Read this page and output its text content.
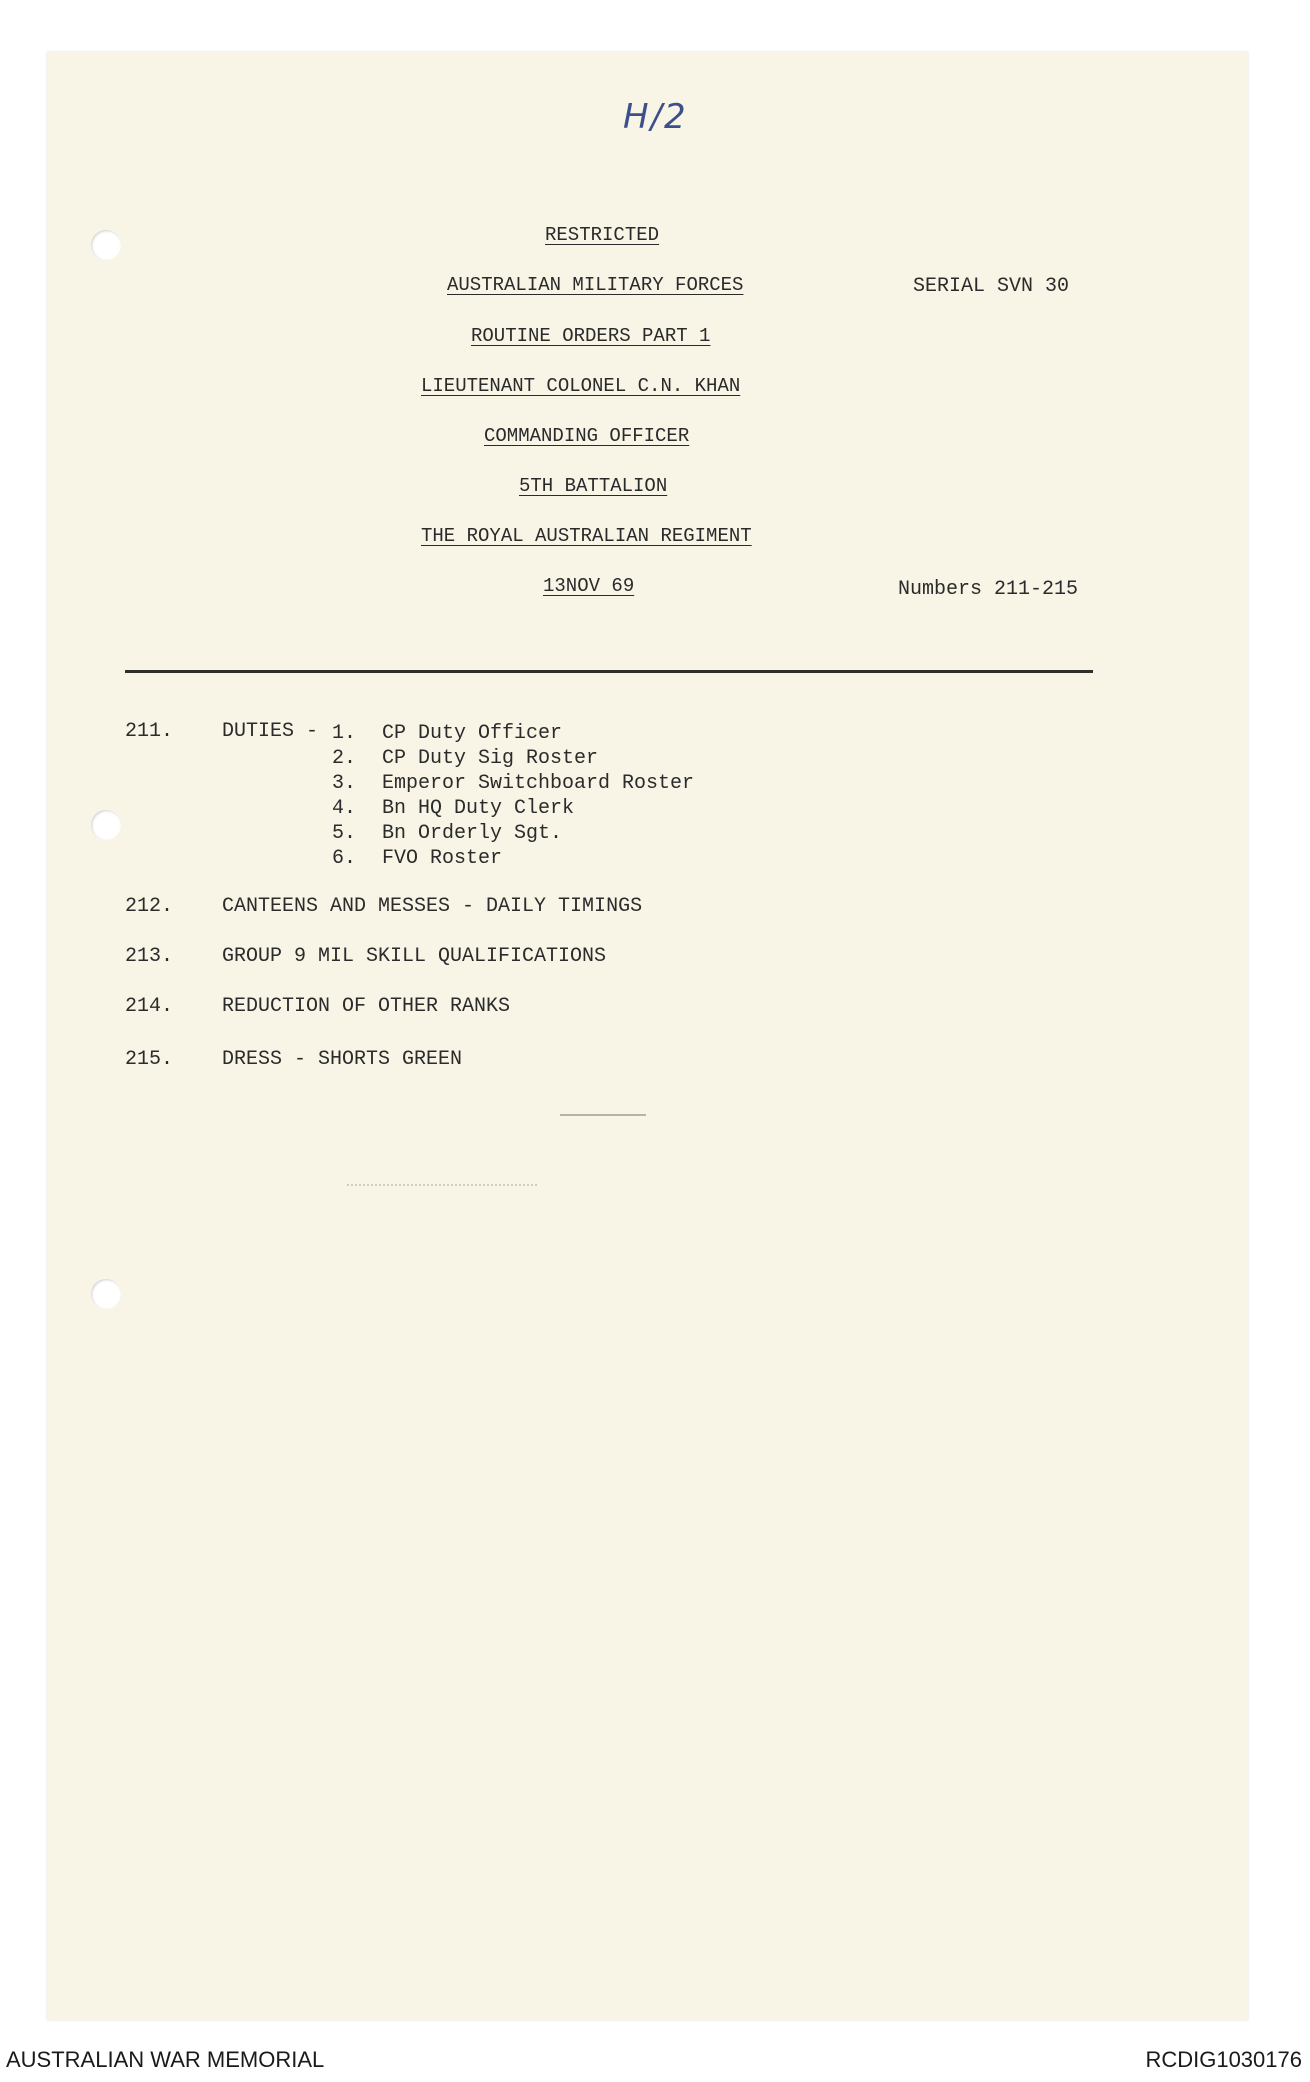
H/2
RESTRICTED
AUSTRALIAN MILITARY FORCES
ROUTINE ORDERS PART 1
LIEUTENANT COLONEL C.N. KHAN
COMMANDING OFFICER
5TH BATTALION
THE ROYAL AUSTRALIAN REGIMENT
13NOV 69
SERIAL SVN 30
Numbers 211-215
211. DUTIES - 1. CP Duty Officer
2. CP Duty Sig Roster
3. Emperor Switchboard Roster
4. Bn HQ Duty Clerk
5. Bn Orderly Sgt.
6. FVO Roster
212. CANTEENS AND MESSES - DAILY TIMINGS
213. GROUP 9 MIL SKILL QUALIFICATIONS
214. REDUCTION OF OTHER RANKS
215. DRESS - SHORTS GREEN
AUSTRALIAN WAR MEMORIAL	RCDIG1030176
